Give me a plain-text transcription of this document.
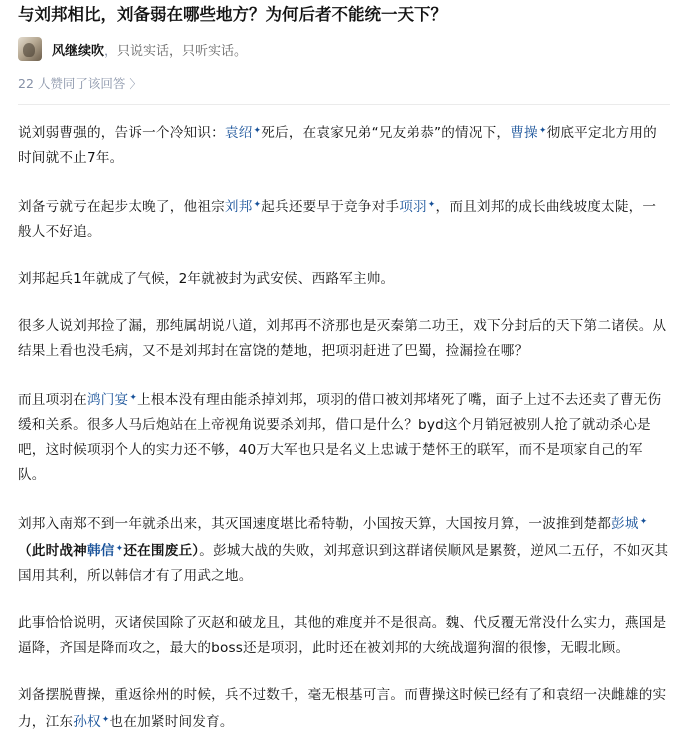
与刘邦相比，刘备弱在哪些地方？为何后者不能统一天下？
风继续吹 ， 只说实话，只听实话。
22 人赞同了该回答 〉

说刘弱曹强的，告诉一个冷知识：袁绍✦死后，在袁家兄弟“兄友弟恭”的情况下，曹操✦彻底平定北方用的时间就不止7年。

刘备亏就亏在起步太晚了，他祖宗刘邦✦起兵还要早于竞争对手项羽✦，而且刘邦的成长曲线坡度太陡，一般人不好追。

刘邦起兵1年就成了气候，2年就被封为武安侯、西路军主帅。

很多人说刘邦捡了漏，那纯属胡说八道，刘邦再不济那也是灭秦第二功王，戏下分封后的天下第二诸侯。从结果上看也没毛病，又不是刘邦封在富饶的楚地，把项羽赶进了巴蜀，捡漏捡在哪？

而且项羽在鸿门宴✦上根本没有理由能杀掉刘邦，项羽的借口被刘邦堵死了嘴，面子上过不去还卖了曹无伤缓和关系。很多人马后炮站在上帝视角说要杀刘邦，借口是什么？byd这个月销冠被别人抢了就动杀心是吧，这时候项羽个人的实力还不够，40万大军也只是名义上忠诚于楚怀王的联军，而不是项家自己的军队。

刘邦入南郑不到一年就杀出来，其灭国速度堪比希特勒，小国按天算，大国按月算，一波推到楚都彭城✦（此时战神韩信✦还在围废丘）。彭城大战的失败，刘邦意识到这群诸侯顺风是累赘，逆风二五仔，不如灭其国用其利，所以韩信才有了用武之地。

此事恰恰说明，灭诸侯国除了灭赵和破龙且，其他的难度并不是很高。魏、代反覆无常没什么实力，燕国是逼降，齐国是降而攻之，最大的boss还是项羽，此时还在被刘邦的大统战遛狗溜的很惨，无暇北顾。

刘备摆脱曹操，重返徐州的时候，兵不过数千，毫无根基可言。而曹操这时候已经有了和袁绍一决雌雄的实力，江东孙权✦也在加紧时间发育。
